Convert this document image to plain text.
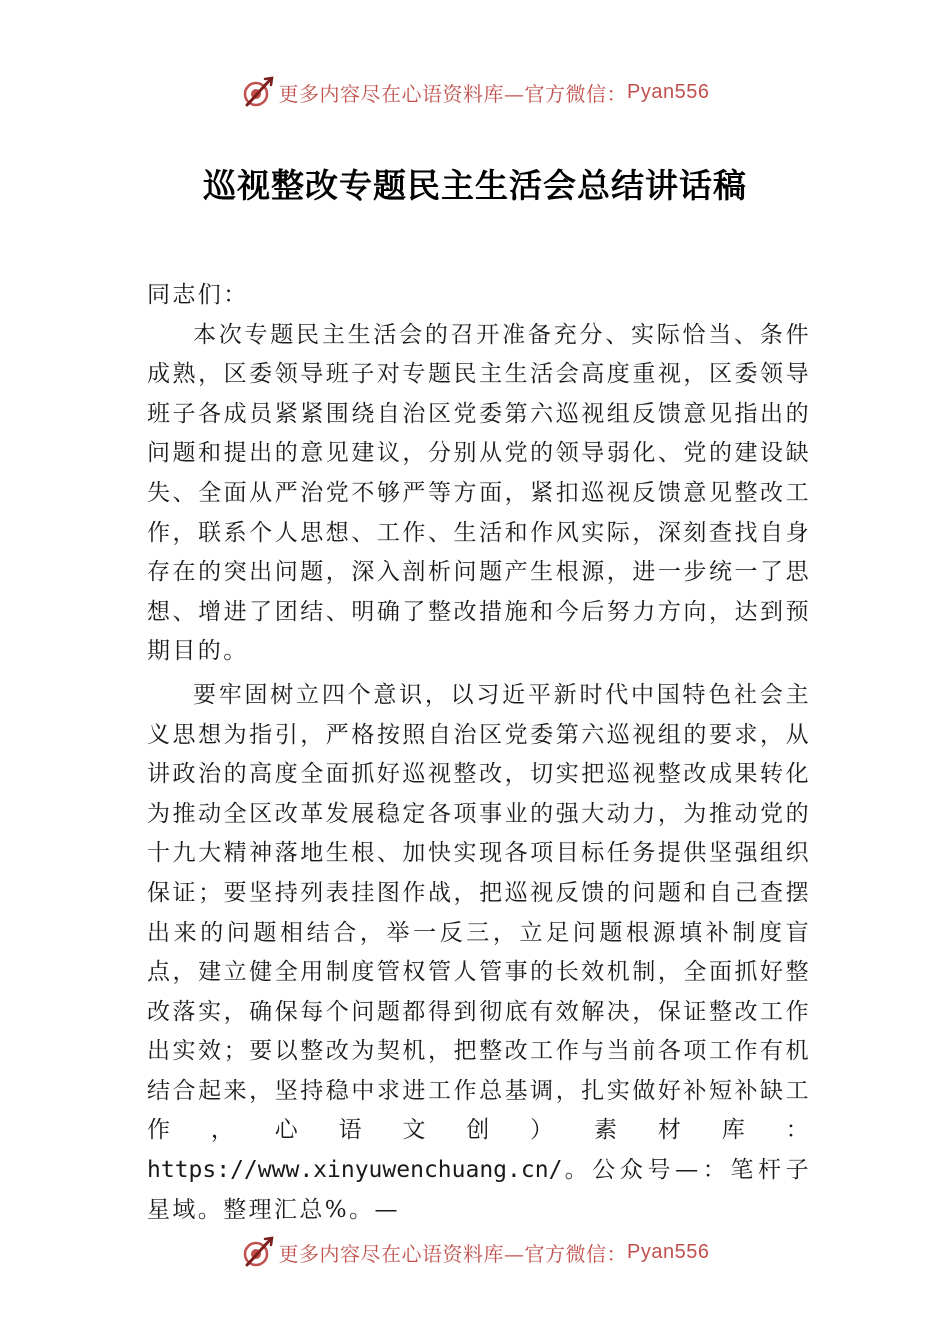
更多内容尽在心语资料库—官方微信： Pyan556
巡视整改专题民主生活会总结讲话稿

同志们：

本次专题民主生活会的召开准备充分、实际恰当、条件成熟，区委领导班子对专题民主生活会高度重视，区委领导班子各成员紧紧围绕自治区党委第六巡视组反馈意见指出的问题和提出的意见建议，分别从党的领导弱化、党的建设缺失、全面从严治党不够严等方面，紧扣巡视反馈意见整改工作，联系个人思想、工作、生活和作风实际，深刻查找自身存在的突出问题，深入剖析问题产生根源，进一步统一了思想、增进了团结、明确了整改措施和今后努力方向，达到预期目的。

要牢固树立四个意识，以习近平新时代中国特色社会主义思想为指引，严格按照自治区党委第六巡视组的要求，从讲政治的高度全面抓好巡视整改，切实把巡视整改成果转化为推动全区改革发展稳定各项事业的强大动力，为推动党的十九大精神落地生根、加快实现各项目标任务提供坚强组织保证；要坚持列表挂图作战，把巡视反馈的问题和自己查摆出来的问题相结合，举一反三，立足问题根源填补制度盲点，建立健全用制度管权管人管事的长效机制，全面抓好整改落实，确保每个问题都得到彻底有效解决，保证整改工作出实效；要以整改为契机，把整改工作与当前各项工作有机结合起来，坚持稳中求进工作总基调，扎实做好补短补缺工作，心语文创）素材库：https://www.xinyuwenchuang.cn/。公众号—：笔杆子星域。整理汇总%。—

更多内容尽在心语资料库—官方微信： Pyan556
